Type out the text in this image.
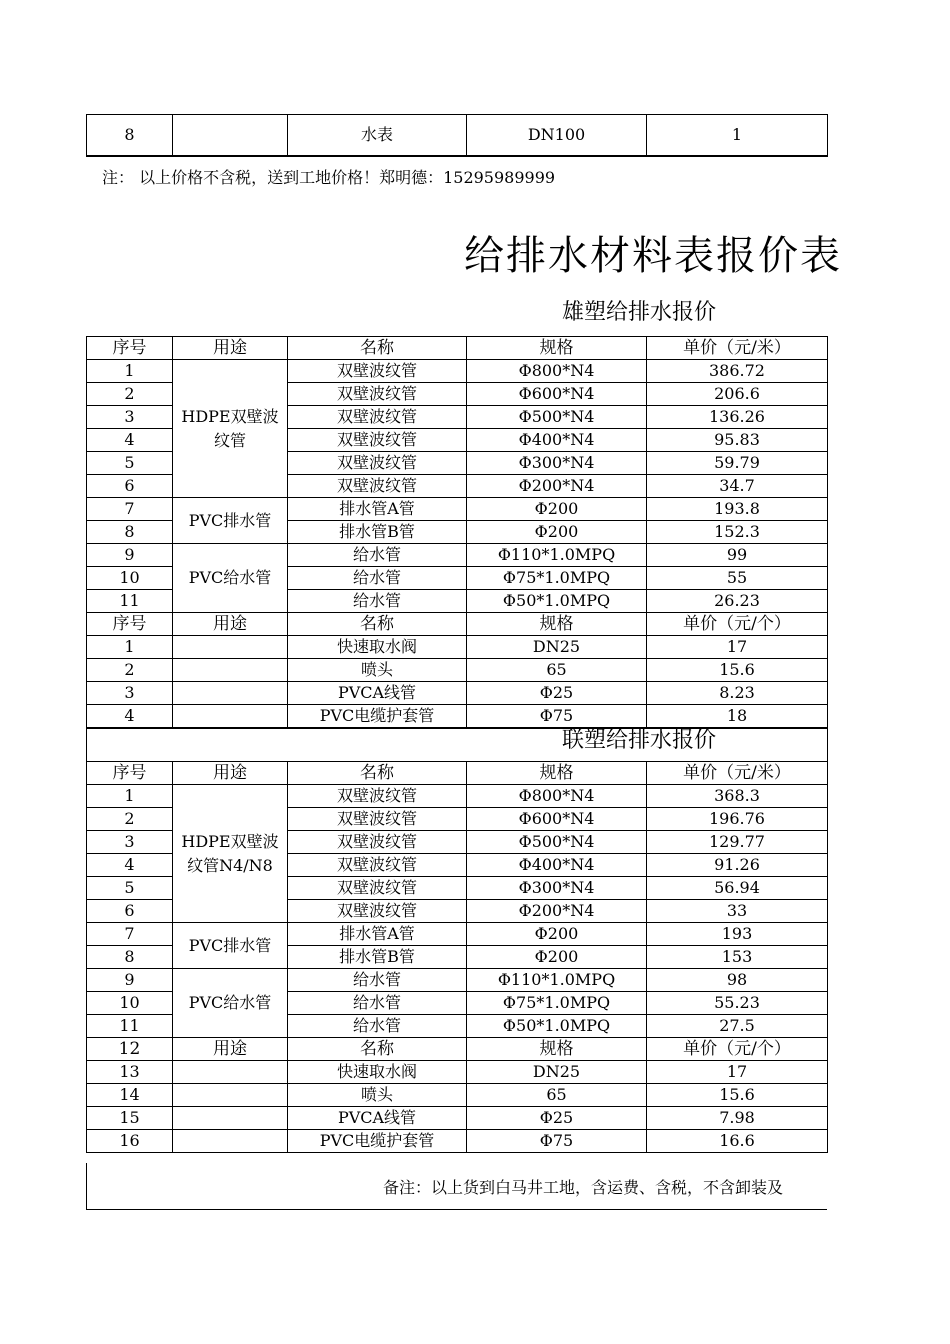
8		水表	DN100	1
注： 以上价格不含税，送到工地价格！郑明德：15295989999
给排水材料表报价表
序号	用途	名称	规格	单价（元/米）
1	HDPE双壁波纹管	双壁波纹管	Φ800*N4	386.72
2		双壁波纹管	Φ600*N4	206.6
3		双壁波纹管	Φ500*N4	136.26
4		双壁波纹管	Φ400*N4	95.83
5		双壁波纹管	Φ300*N4	59.79
6		双壁波纹管	Φ200*N4	34.7
7	PVC排水管	排水管A管	Φ200	193.8
8		排水管B管	Φ200	152.3
9	PVC给水管	给水管	Φ110*1.0MPQ	99
10		给水管	Φ75*1.0MPQ	55
11		给水管	Φ50*1.0MPQ	26.23
序号	用途	名称	规格	单价（元/个）
1		快速取水阀	DN25	17
2		喷头	65	15.6
3		PVCA线管	Φ25	8.23
4		PVC电缆护套管	Φ75	18

联塑给排水报价				

序号	用途	名称	规格	单价（元/米）
1	HDPE双壁波纹管N4/N8	双壁波纹管	Φ800*N4	368.3
2		双壁波纹管	Φ600*N4	196.76
3		双壁波纹管	Φ500*N4	129.77
4		双壁波纹管	Φ400*N4	91.26
5		双壁波纹管	Φ300*N4	56.94
6		双壁波纹管	Φ200*N4	33
7	PVC排水管	排水管A管	Φ200	193
8		排水管B管	Φ200	153
9	PVC给水管	给水管	Φ110*1.0MPQ	98
10		给水管	Φ75*1.0MPQ	55.23
11		给水管	Φ50*1.0MPQ	27.5
12	用途	名称	规格	单价（元/个）
13		快速取水阀	DN25	17
14		喷头	65	15.6
15		PVCA线管	Φ25	7.98
16		PVC电缆护套管	Φ75	16.6
雄塑给排水报价
备注：以上货到白马井工地，含运费、含税，不含卸装及
